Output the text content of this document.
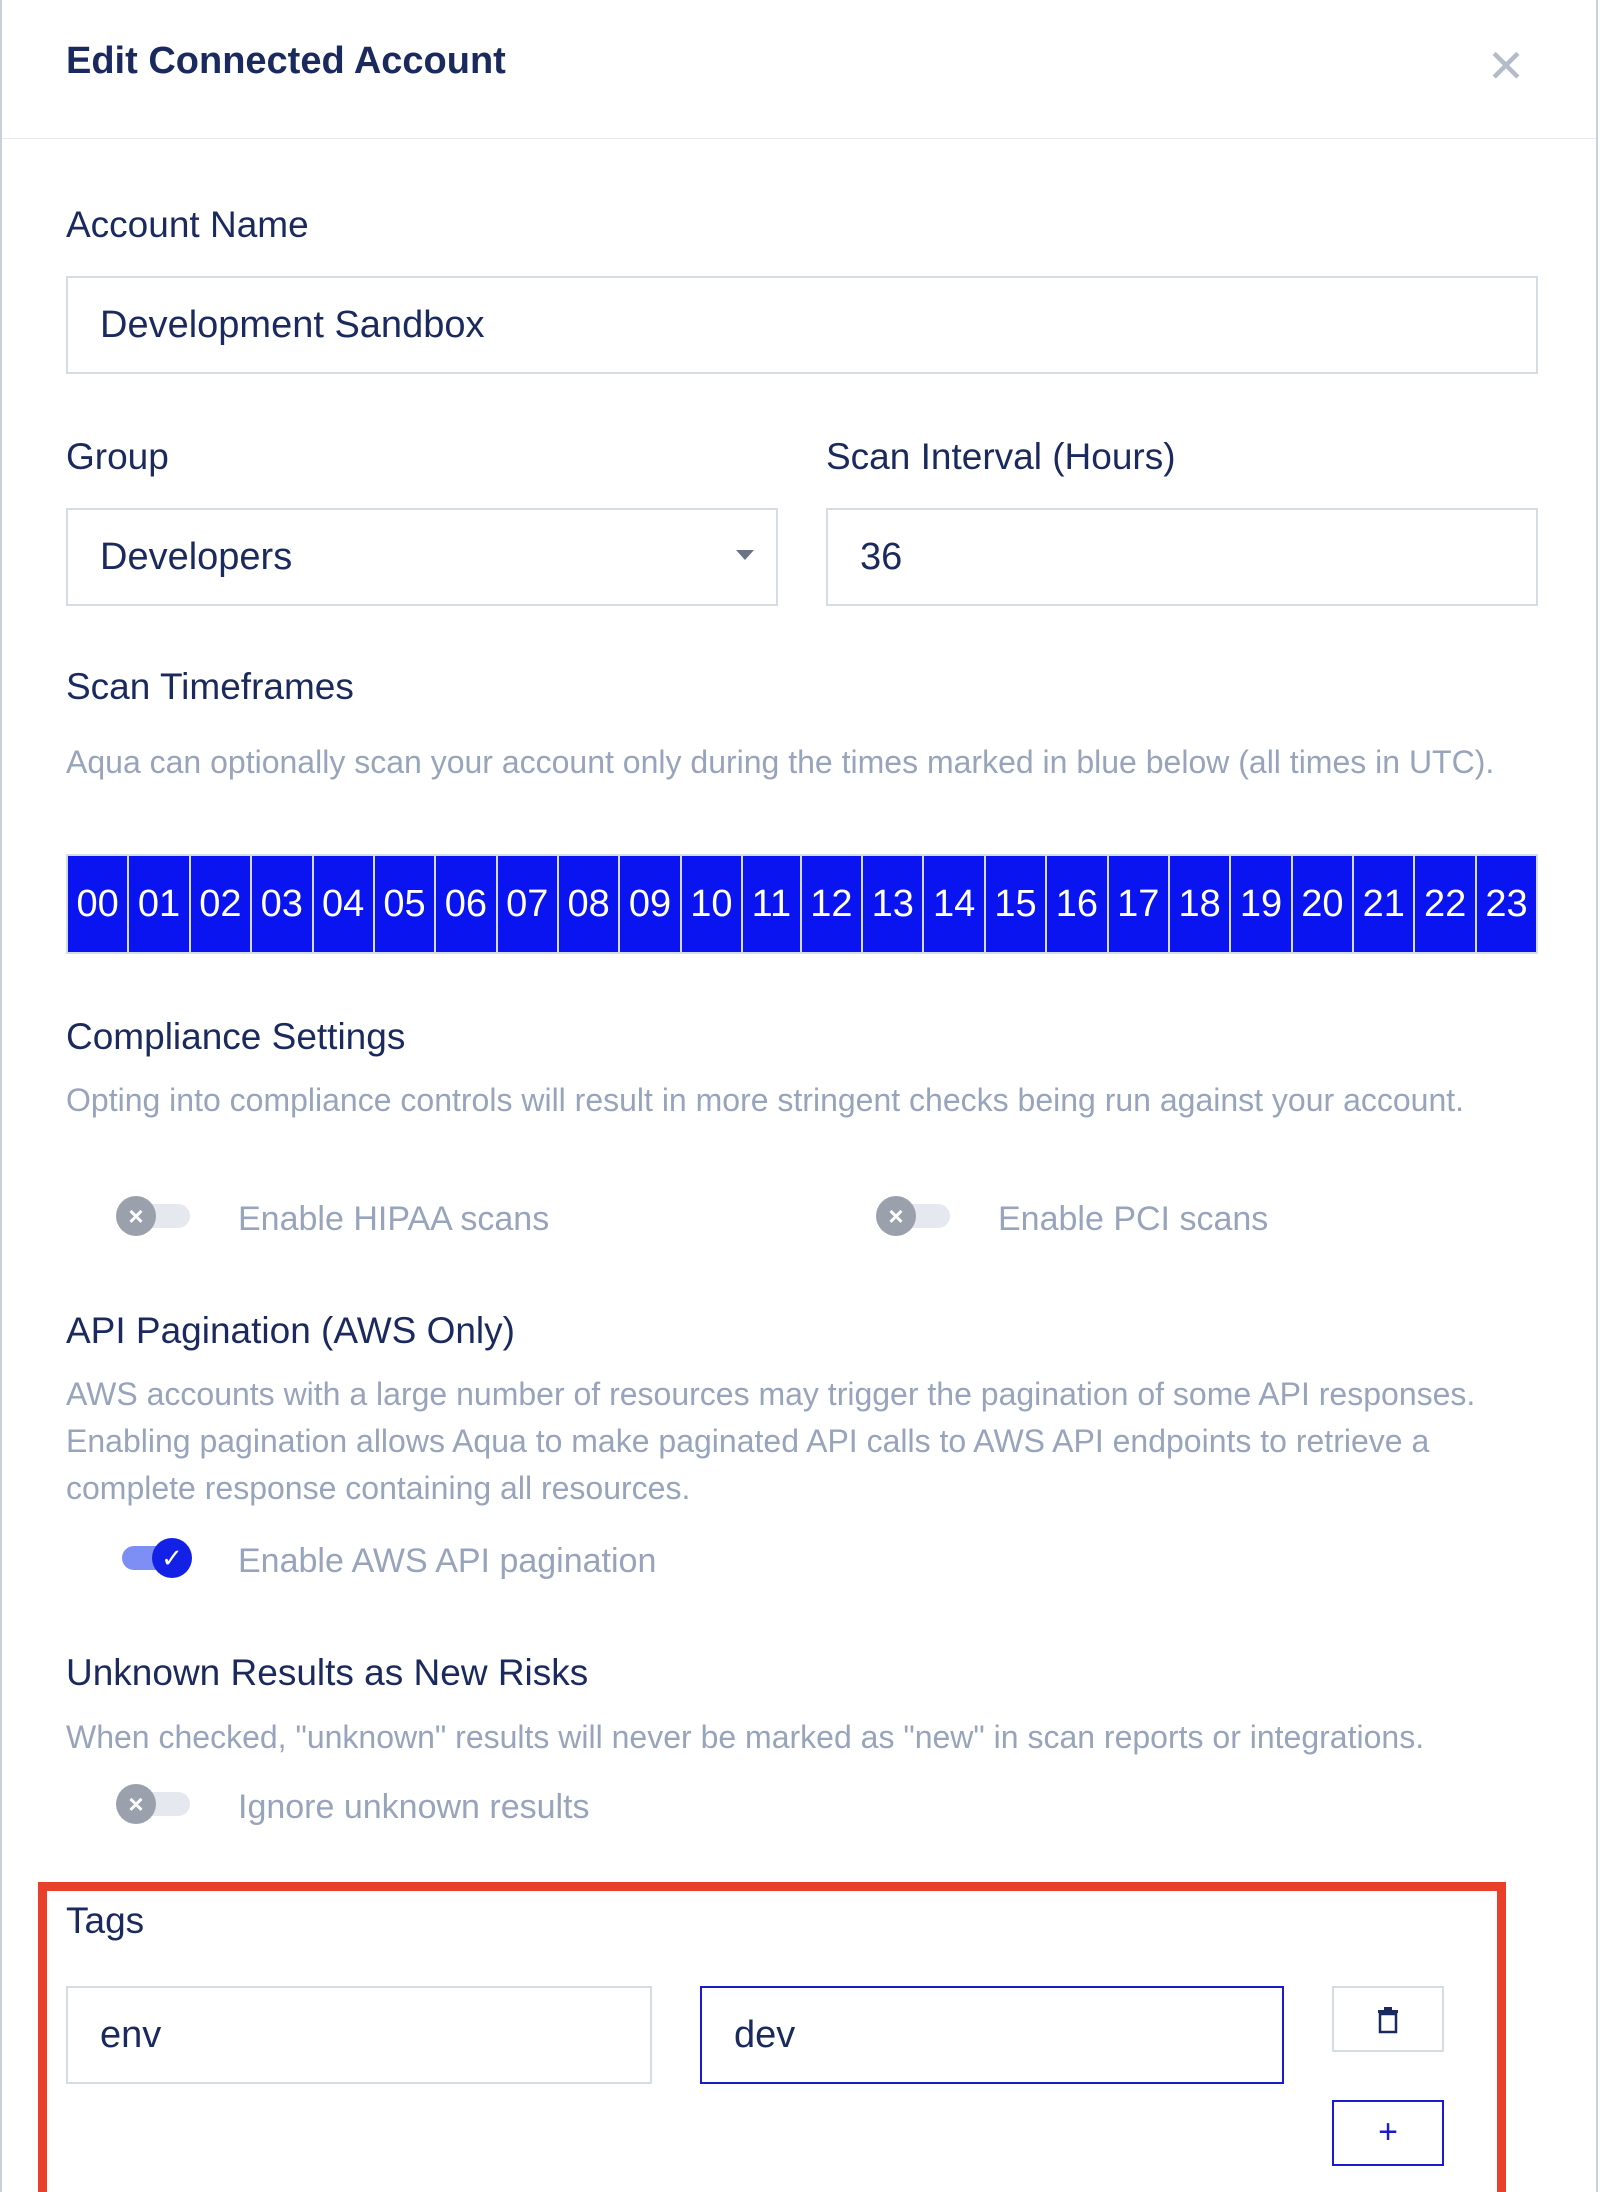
Edit Connected Account	✕
Account Name
Development Sandbox
Group
Developers
Scan Interval (Hours)
36
Scan Timeframes
Aqua can optionally scan your account only during the times marked in blue below (all times in UTC).
00 01 02 03 04 05 06 07 08 09 10 11 12 13 14 15 16 17 18 19 20 21 22 23
Compliance Settings
Opting into compliance controls will result in more stringent checks being run against your account.
×	Enable HIPAA scans	×	Enable PCI scans
API Pagination (AWS Only)
AWS accounts with a large number of resources may trigger the pagination of some API responses. Enabling pagination allows Aqua to make paginated API calls to AWS API endpoints to retrieve a complete response containing all resources.
✓ Enable AWS API pagination
Unknown Results as New Risks
When checked, "unknown" results will never be marked as "new" in scan reports or integrations.
×	Ignore unknown results
Tags
env	dev
+
